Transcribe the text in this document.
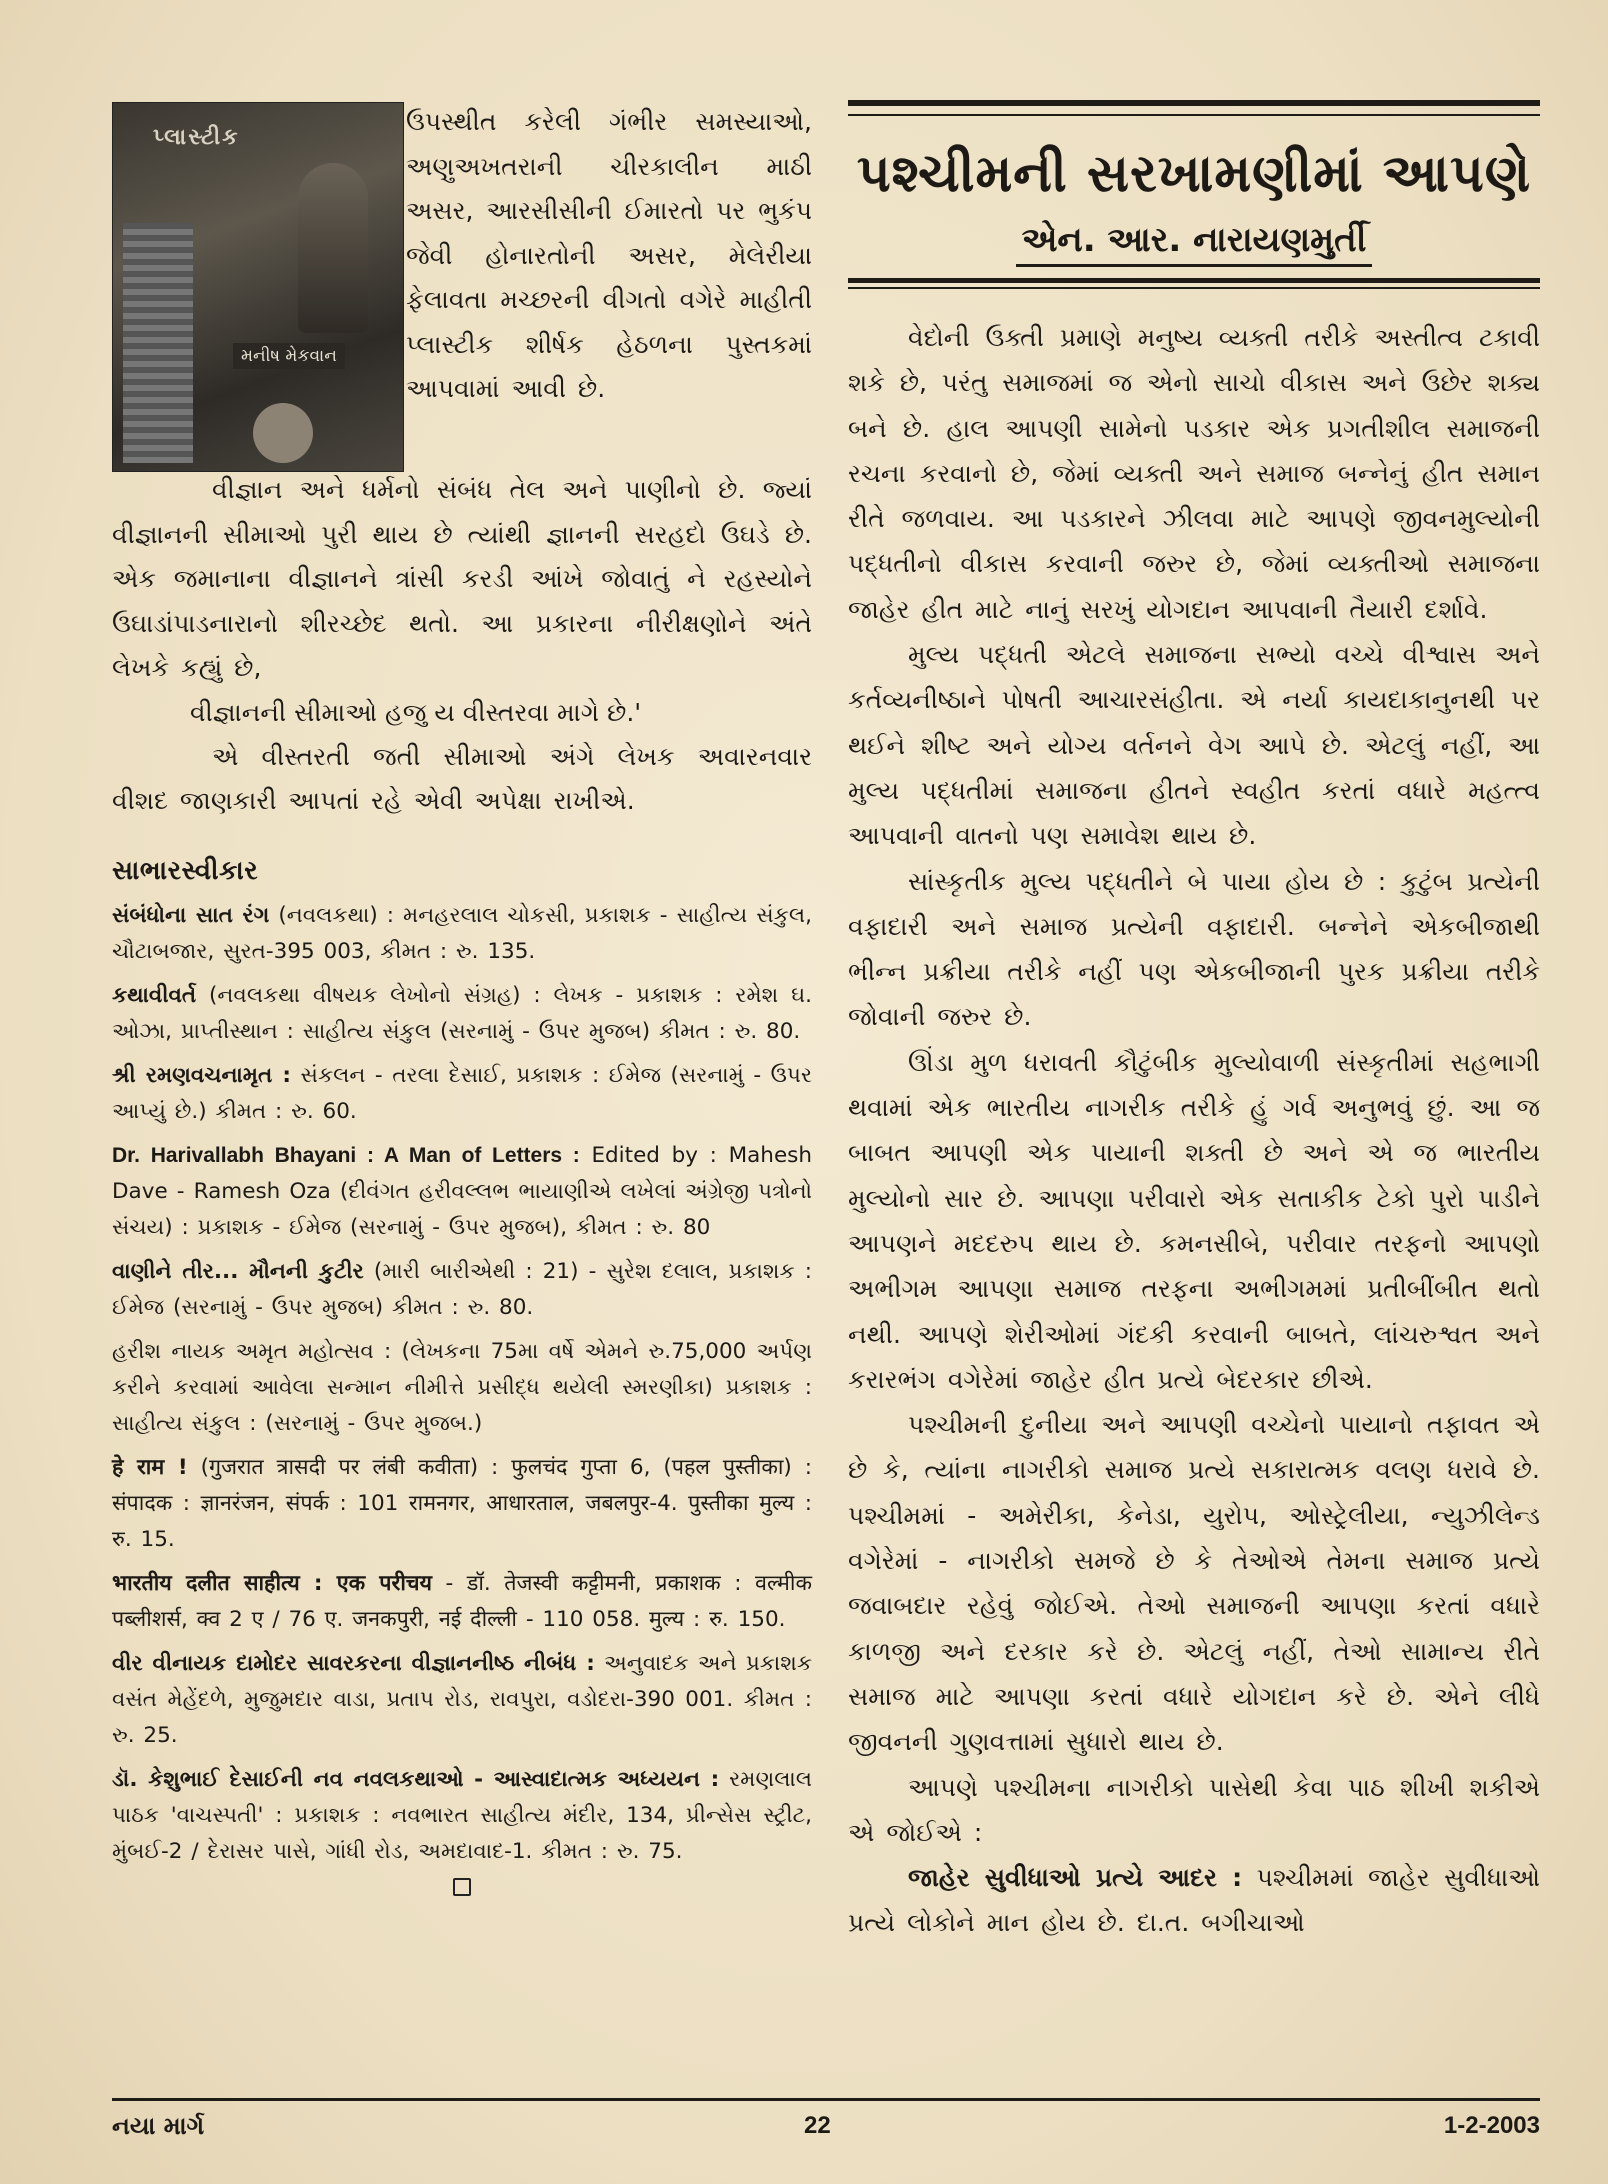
પ્લાસ્ટીક
મનીષ મેકવાન

ઉપસ્થીત કરેલી ગંભીર સમસ્યાઓ, અણુઅખતરાની ચીરકાલીન માઠી અસર, આરસીસીની ઈમારતો પર ભુકંપ જેવી હોનારતોની અસર, મેલેરીયા ફેલાવતા મચ્છરની વીગતો વગેરે માહીતી પ્લાસ્ટીક શીર્ષક હેઠળના પુસ્તકમાં આપવામાં આવી છે.

વીજ્ઞાન અને ધર્મનો સંબંધ તેલ અને પાણીનો છે. જ્યાં વીજ્ઞાનની સીમાઓ પુરી થાય છે ત્યાંથી જ્ઞાનની સરહદો ઉઘડે છે. એક જમાનાના વીજ્ઞાનને ત્રાંસી કરડી આંખે જોવાતું ને રહસ્યોને ઉઘાડાંપાડનારાનો શીરચ્છેદ થતો. આ પ્રકારના નીરીક્ષણોને અંતે લેખકે કહ્યું છે,

વીજ્ઞાનની સીમાઓ હજુ ય વીસ્તરવા માગે છે.'

એ વીસ્તરતી જતી સીમાઓ અંગે લેખક અવારનવાર વીશદ જાણકારી આપતાં રહે એવી અપેક્ષા રાખીએ.

સાભારસ્વીકાર

સંબંધોના સાત રંગ (નવલકથા) : મનહરલાલ ચોકસી, પ્રકાશક - સાહીત્ય સંકુલ, ચૌટાબજાર, સુરત-395 003, કીમત : રુ. 135.

કથાવીવર્ત (નવલકથા વીષયક લેખોનો સંગ્રહ) : લેખક - પ્રકાશક : રમેશ ઘ. ઓઝા, પ્રાપ્તીસ્થાન : સાહીત્ય સંકુલ (સરનામું - ઉપર મુજબ) કીમત : રુ. 80.

શ્રી રમણવચનામૃત : સંકલન - તરલા દેસાઈ, પ્રકાશક : ઈમેજ (સરનામું - ઉપર આપ્યું છે.) કીમત : રુ. 60.

Dr. Harivallabh Bhayani : A Man of Letters : Edited by : Mahesh Dave - Ramesh Oza (દીવંગત હરીવલ્લભ ભાયાણીએ લખેલાં અંગ્રેજી પત્રોનો સંચય) : પ્રકાશક - ઈમેજ (સરનામું - ઉપર મુજબ), કીમત : રુ. 80

વાણીને તીર... મૌનની કુટીર (મારી બારીએથી : 21) - સુરેશ દલાલ, પ્રકાશક : ઈમેજ (સરનામું - ઉપર મુજબ) કીમત : રુ. 80.

હરીશ નાયક અમૃત મહોત્સવ : (લેખકના 75મા વર્ષે એમને રુ.75,000 અર્પણ કરીને કરવામાં આવેલા સન્માન નીમીત્તે પ્રસીદ્ધ થયેલી સ્મરણીકા) પ્રકાશક : સાહીત્ય સંકુલ : (સરનામું - ઉપર મુજબ.)

हे राम ! (गुजरात त्रासदी पर लंबी कवीता) : फुलचंद गुप्ता 6, (पहल पुस्तीका) : संपादक : ज्ञानरंजन, संपर्क : 101 रामनगर, आधारताल, जबलपुर-4. पुस्तीका मुल्य : रु. 15.

भारतीय दलीत साहीत्य : एक परीचय - डॉ. तेजस्वी कट्टीमनी, प्रकाशक : वल्मीक पब्लीशर्स, क्व 2 ए / 76 ए. जनकपुरी, नई दील्ली - 110 058. मुल्य : रु. 150.

વીર વીનાયક દામોદર સાવરકરના વીજ્ઞાનનીષ્ઠ નીબંધ : અનુવાદક અને પ્રકાશક વસંત મેહેંદળે, મુજુમદાર વાડા, પ્રતાપ રોડ, રાવપુરા, વડોદરા-390 001. કીમત : રુ. 25.

ડૉ. કેશુભાઈ દેસાઈની નવ નવલકથાઓ - આસ્વાદાત્મક અધ્યયન : રમણલાલ પાઠક 'વાચસ્પતી' : પ્રકાશક : નવભારત સાહીત્ય મંદીર, 134, પ્રીન્સેસ સ્ટ્રીટ, મુંબઈ-2 / દેરાસર પાસે, ગાંધી રોડ, અમદાવાદ-1. કીમત : રુ. 75.

પશ્ચીમની સરખામણીમાં આપણે
એન. આર. નારાયણમુર્તી

વેદોની ઉક્તી પ્રમાણે મનુષ્ય વ્યક્તી તરીકે અસ્તીત્વ ટકાવી શકે છે, પરંતુ સમાજમાં જ એનો સાચો વીકાસ અને ઉછેર શક્ય બને છે. હાલ આપણી સામેનો પડકાર એક પ્રગતીશીલ સમાજની રચના કરવાનો છે, જેમાં વ્યક્તી અને સમાજ બન્નેનું હીત સમાન રીતે જળવાય. આ પડકારને ઝીલવા માટે આપણે જીવનમુલ્યોની પદ્ધતીનો વીકાસ કરવાની જરુર છે, જેમાં વ્યક્તીઓ સમાજના જાહેર હીત માટે નાનું સરખું યોગદાન આપવાની તૈયારી દર્શાવે.

મુલ્ય પદ્ધતી એટલે સમાજના સભ્યો વચ્ચે વીશ્વાસ અને કર્તવ્યનીષ્ઠાને પોષતી આચારસંહીતા. એ નર્યા કાયદાકાનુનથી પર થઈને શીષ્ટ અને યોગ્ય વર્તનને વેગ આપે છે. એટલું નહીં, આ મુલ્ય પદ્ધતીમાં સમાજના હીતને સ્વહીત કરતાં વધારે મહત્ત્વ આપવાની વાતનો પણ સમાવેશ થાય છે.

સાંસ્કૃતીક મુલ્ય પદ્ધતીને બે પાયા હોય છે : કુટુંબ પ્રત્યેની વફાદારી અને સમાજ પ્રત્યેની વફાદારી. બન્નેને એકબીજાથી ભીન્ન પ્રક્રીયા તરીકે નહીં પણ એકબીજાની પુરક પ્રક્રીયા તરીકે જોવાની જરુર છે.

ઊંડા મુળ ધરાવતી કૌટુંબીક મુલ્યોવાળી સંસ્કૃતીમાં સહભાગી થવામાં એક ભારતીય નાગરીક તરીકે હું ગર્વ અનુભવું છું. આ જ બાબત આપણી એક પાયાની શક્તી છે અને એ જ ભારતીય મુલ્યોનો સાર છે. આપણા પરીવારો એક સતાકીક ટેકો પુરો પાડીને આપણને મદદરુપ થાય છે. કમનસીબે, પરીવાર તરફનો આપણો અભીગમ આપણા સમાજ તરફના અભીગમમાં પ્રતીબીંબીત થતો નથી. આપણે શેરીઓમાં ગંદકી કરવાની બાબતે, લાંચરુશ્વત અને કરારભંગ વગેરેમાં જાહેર હીત પ્રત્યે બેદરકાર છીએ.

પશ્ચીમની દુનીયા અને આપણી વચ્ચેનો પાયાનો તફાવત એ છે કે, ત્યાંના નાગરીકો સમાજ પ્રત્યે સકારાત્મક વલણ ધરાવે છે. પશ્ચીમમાં - અમેરીકા, કેનેડા, યુરોપ, ઓસ્ટ્રેલીયા, ન્યુઝીલેન્ડ વગેરેમાં - નાગરીકો સમજે છે કે તેઓએ તેમના સમાજ પ્રત્યે જવાબદાર રહેવું જોઈએ. તેઓ સમાજની આપણા કરતાં વધારે કાળજી અને દરકાર કરે છે. એટલું નહીં, તેઓ સામાન્ય રીતે સમાજ માટે આપણા કરતાં વધારે યોગદાન કરે છે. એને લીધે જીવનની ગુણવત્તામાં સુધારો થાય છે.

આપણે પશ્ચીમના નાગરીકો પાસેથી કેવા પાઠ શીખી શકીએ એ જોઈએ :

જાહેર સુવીધાઓ પ્રત્યે આદર : પશ્ચીમમાં જાહેર સુવીધાઓ પ્રત્યે લોકોને માન હોય છે. દા.ત. બગીચાઓ

નયા માર્ગ	22	1-2-2003
